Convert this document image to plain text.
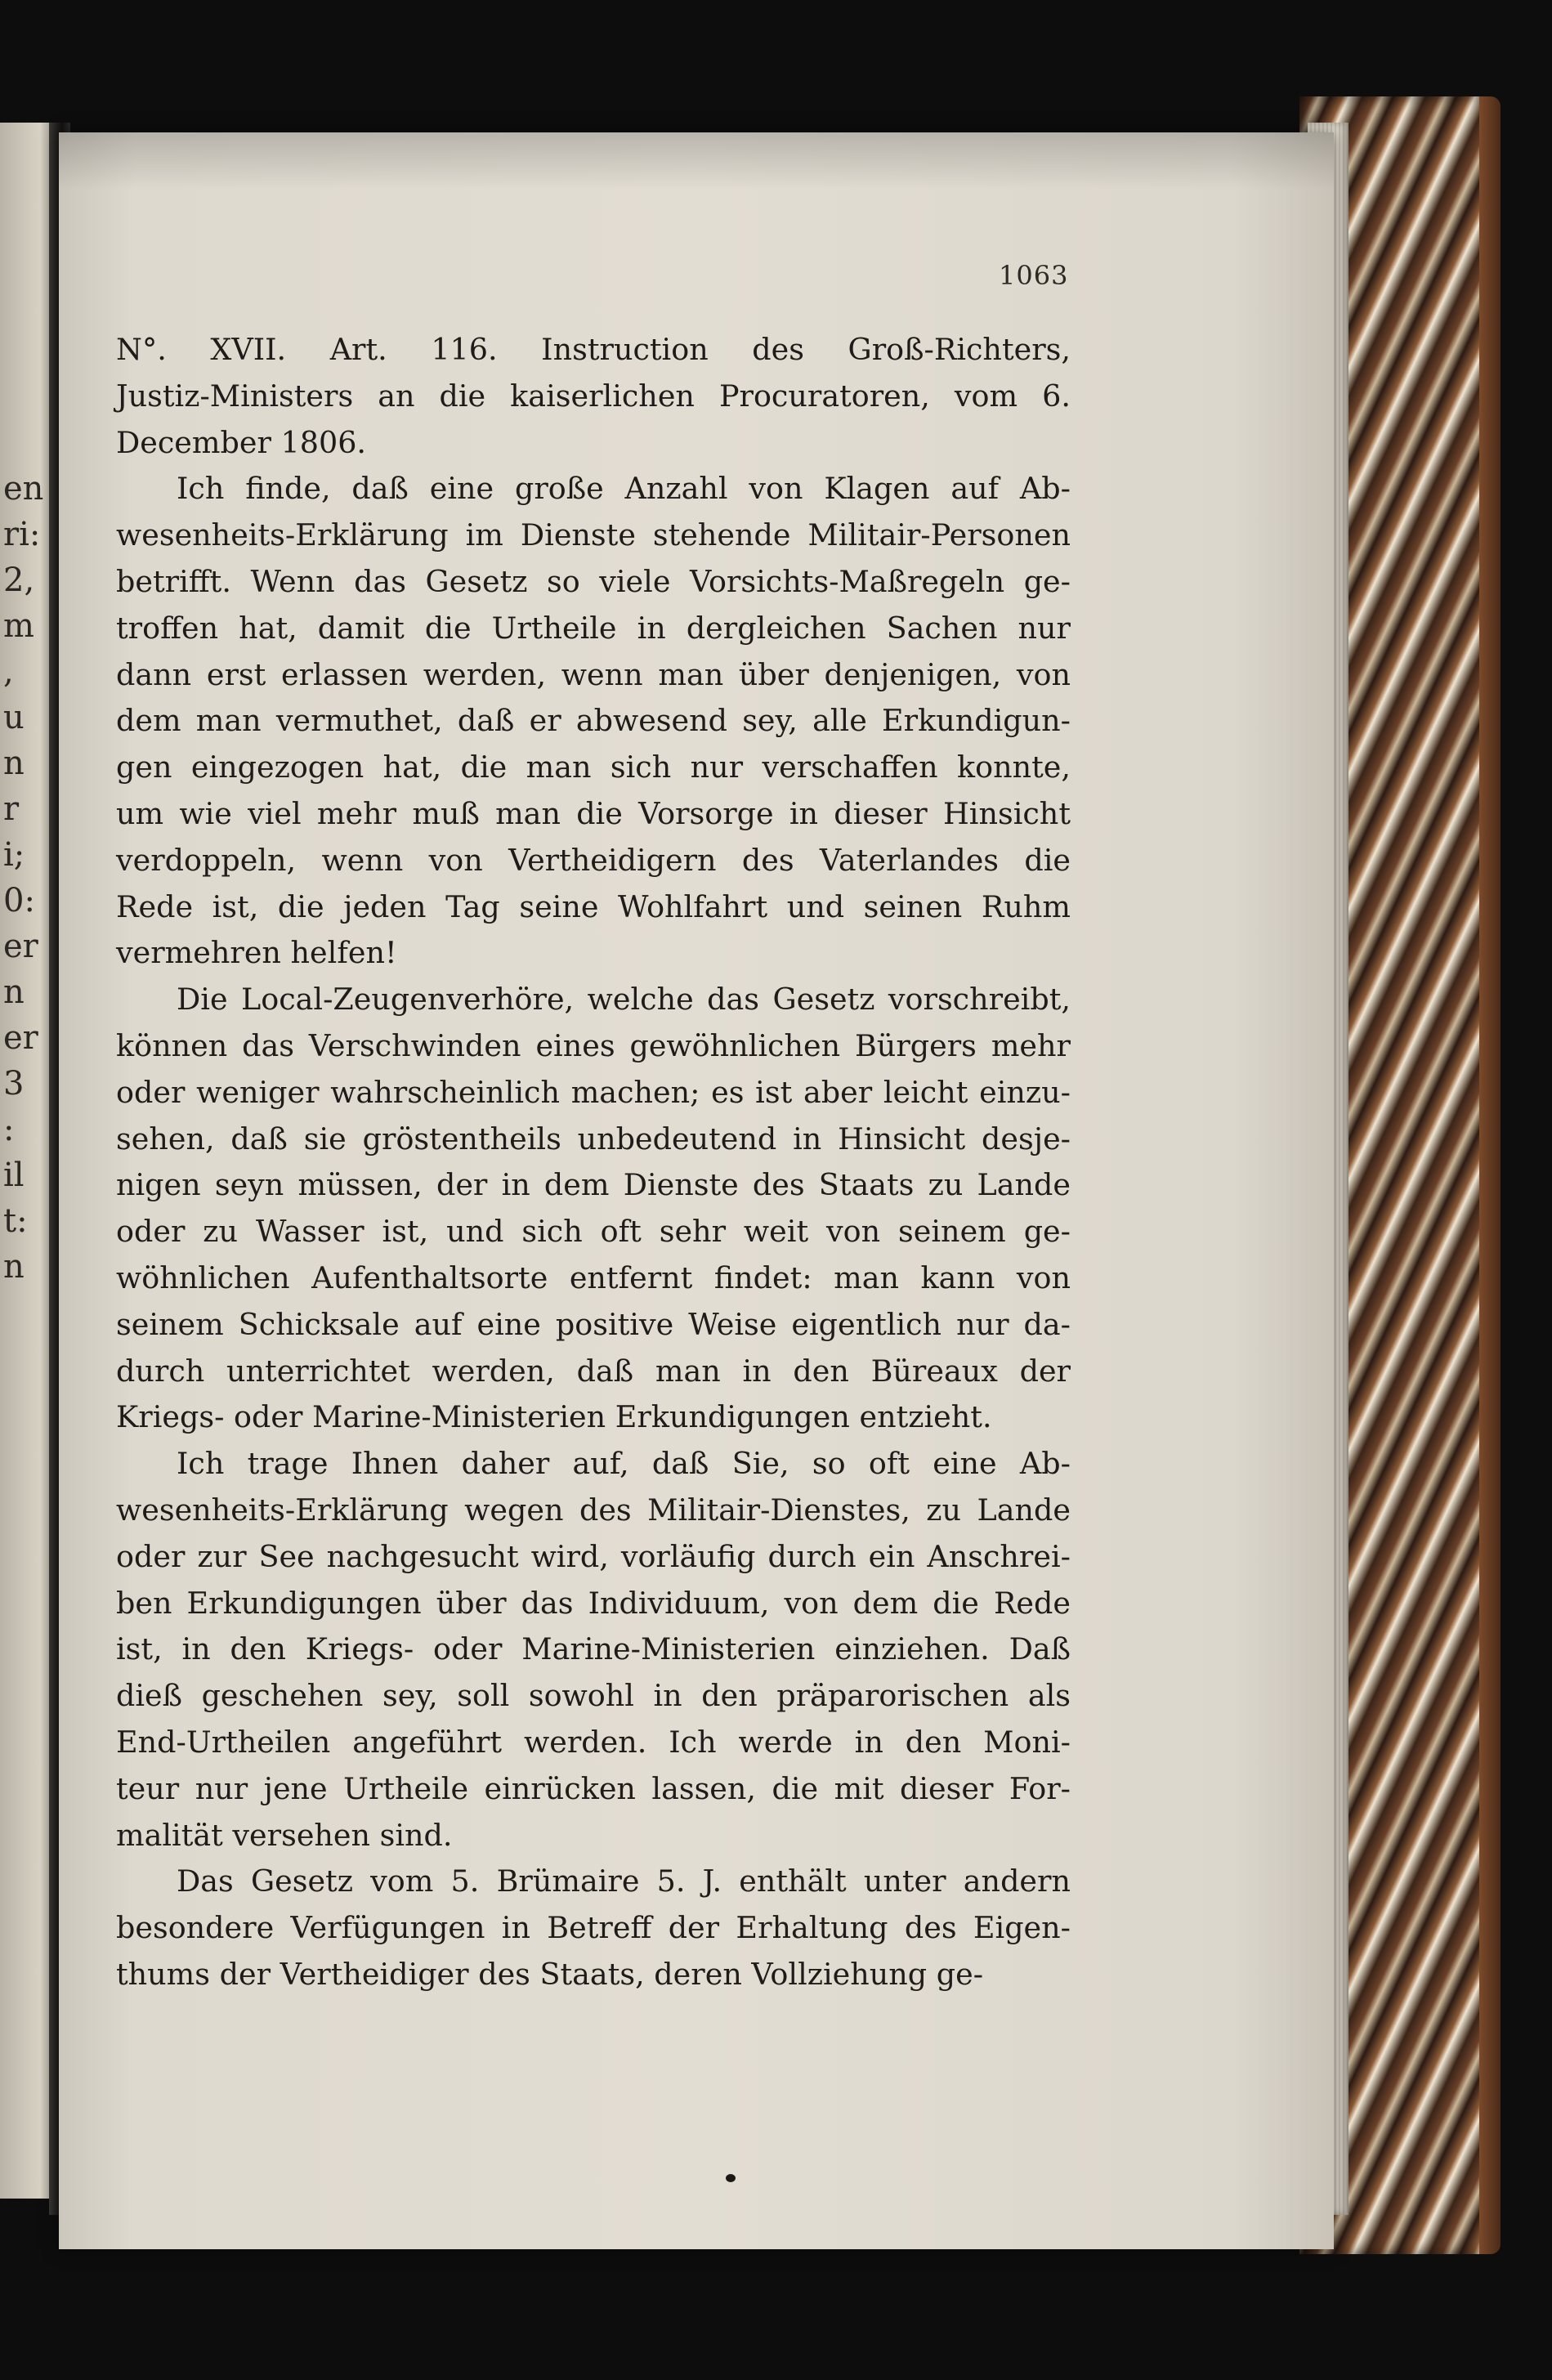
en
ri:
2,
m
,
u
n
r
i;
0:
er
n
er
3
:
il
t:
n
1063
N°. XVII. Art. 116. Instruction des Groß-Richters,
Justiz-Ministers an die kaiserlichen Procuratoren, vom 6.
December 1806.
Ich finde, daß eine große Anzahl von Klagen auf Ab-
wesenheits-Erklärung im Dienste stehende Militair-Personen
betrifft. Wenn das Gesetz so viele Vorsichts-Maßregeln ge-
troffen hat, damit die Urtheile in dergleichen Sachen nur
dann erst erlassen werden, wenn man über denjenigen, von
dem man vermuthet, daß er abwesend sey, alle Erkundigun-
gen eingezogen hat, die man sich nur verschaffen konnte,
um wie viel mehr muß man die Vorsorge in dieser Hinsicht
verdoppeln, wenn von Vertheidigern des Vaterlandes die
Rede ist, die jeden Tag seine Wohlfahrt und seinen Ruhm
vermehren helfen!
Die Local-Zeugenverhöre, welche das Gesetz vorschreibt,
können das Verschwinden eines gewöhnlichen Bürgers mehr
oder weniger wahrscheinlich machen; es ist aber leicht einzu-
sehen, daß sie gröstentheils unbedeutend in Hinsicht desje-
nigen seyn müssen, der in dem Dienste des Staats zu Lande
oder zu Wasser ist, und sich oft sehr weit von seinem ge-
wöhnlichen Aufenthaltsorte entfernt findet: man kann von
seinem Schicksale auf eine positive Weise eigentlich nur da-
durch unterrichtet werden, daß man in den Büreaux der
Kriegs- oder Marine-Ministerien Erkundigungen entzieht.
Ich trage Ihnen daher auf, daß Sie, so oft eine Ab-
wesenheits-Erklärung wegen des Militair-Dienstes, zu Lande
oder zur See nachgesucht wird, vorläufig durch ein Anschrei-
ben Erkundigungen über das Individuum, von dem die Rede
ist, in den Kriegs- oder Marine-Ministerien einziehen. Daß
dieß geschehen sey, soll sowohl in den präparorischen als
End-Urtheilen angeführt werden. Ich werde in den Moni-
teur nur jene Urtheile einrücken lassen, die mit dieser For-
malität versehen sind.
Das Gesetz vom 5. Brümaire 5. J. enthält unter andern
besondere Verfügungen in Betreff der Erhaltung des Eigen-
thums der Vertheidiger des Staats, deren Vollziehung ge-
